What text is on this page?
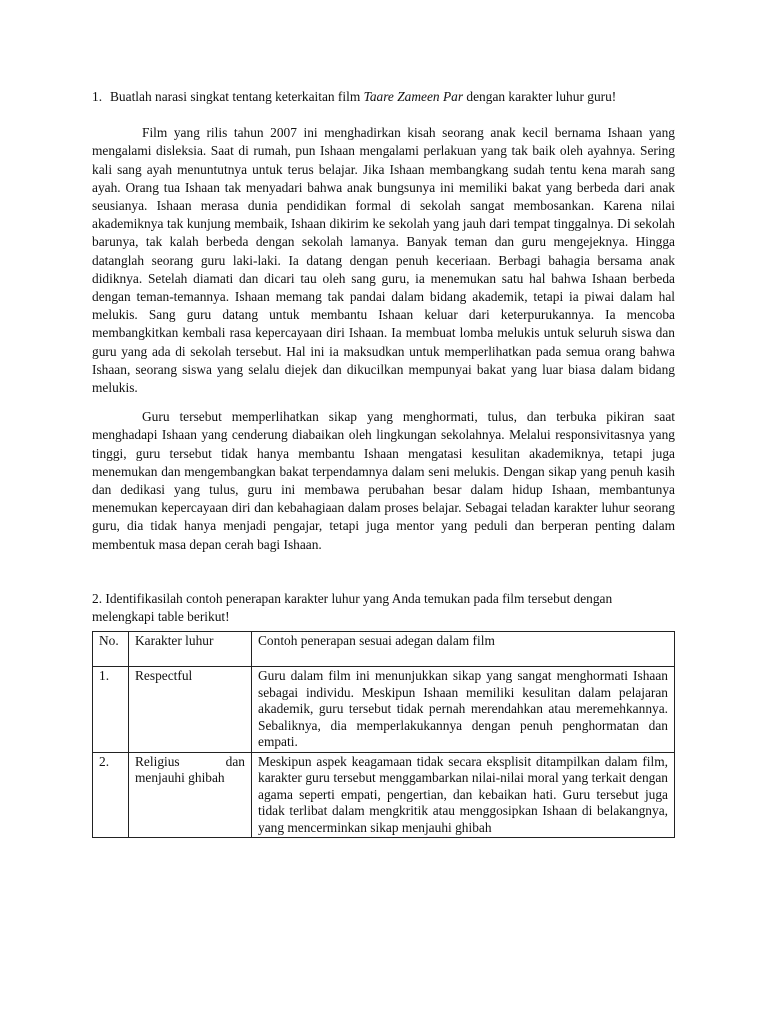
1. Buatlah narasi singkat tentang keterkaitan film Taare Zameen Par dengan karakter luhur guru!

Film yang rilis tahun 2007 ini menghadirkan kisah seorang anak kecil bernama Ishaan yang mengalami disleksia. Saat di rumah, pun Ishaan mengalami perlakuan yang tak baik oleh ayahnya. Sering kali sang ayah menuntutnya untuk terus belajar. Jika Ishaan membangkang sudah tentu kena marah sang ayah. Orang tua Ishaan tak menyadari bahwa anak bungsunya ini memiliki bakat yang berbeda dari anak seusianya. Ishaan merasa dunia pendidikan formal di sekolah sangat membosankan. Karena nilai akademiknya tak kunjung membaik, Ishaan dikirim ke sekolah yang jauh dari tempat tinggalnya. Di sekolah barunya, tak kalah berbeda dengan sekolah lamanya. Banyak teman dan guru mengejeknya. Hingga datanglah seorang guru laki-laki. Ia datang dengan penuh keceriaan. Berbagi bahagia bersama anak didiknya. Setelah diamati dan dicari tau oleh sang guru, ia menemukan satu hal bahwa Ishaan berbeda dengan teman-temannya. Ishaan memang tak pandai dalam bidang akademik, tetapi ia piwai dalam hal melukis. Sang guru datang untuk membantu Ishaan keluar dari keterpurukannya. Ia mencoba membangkitkan kembali rasa kepercayaan diri Ishaan. Ia membuat lomba melukis untuk seluruh siswa dan guru yang ada di sekolah tersebut. Hal ini ia maksudkan untuk memperlihatkan pada semua orang bahwa Ishaan, seorang siswa yang selalu diejek dan dikucilkan mempunyai bakat yang luar biasa dalam bidang melukis.

Guru tersebut memperlihatkan sikap yang menghormati, tulus, dan terbuka pikiran saat menghadapi Ishaan yang cenderung diabaikan oleh lingkungan sekolahnya. Melalui responsivitasnya yang tinggi, guru tersebut tidak hanya membantu Ishaan mengatasi kesulitan akademiknya, tetapi juga menemukan dan mengembangkan bakat terpendamnya dalam seni melukis. Dengan sikap yang penuh kasih dan dedikasi yang tulus, guru ini membawa perubahan besar dalam hidup Ishaan, membantunya menemukan kepercayaan diri dan kebahagiaan dalam proses belajar. Sebagai teladan karakter luhur seorang guru, dia tidak hanya menjadi pengajar, tetapi juga mentor yang peduli dan berperan penting dalam membentuk masa depan cerah bagi Ishaan.

2. Identifikasilah contoh penerapan karakter luhur yang Anda temukan pada film tersebut dengan melengkapi table berikut!

No.	Karakter luhur	Contoh penerapan sesuai adegan dalam film
1.	Respectful	Guru dalam film ini menunjukkan sikap yang sangat menghormati Ishaan sebagai individu. Meskipun Ishaan memiliki kesulitan dalam pelajaran akademik, guru tersebut tidak pernah merendahkan atau meremehkannya. Sebaliknya, dia memperlakukannya dengan penuh penghormatan dan empati.
2.	Religius dan menjauhi ghibah	Meskipun aspek keagamaan tidak secara eksplisit ditampilkan dalam film, karakter guru tersebut menggambarkan nilai-nilai moral yang terkait dengan agama seperti empati, pengertian, dan kebaikan hati. Guru tersebut juga tidak terlibat dalam mengkritik atau menggosipkan Ishaan di belakangnya, yang mencerminkan sikap menjauhi ghibah
